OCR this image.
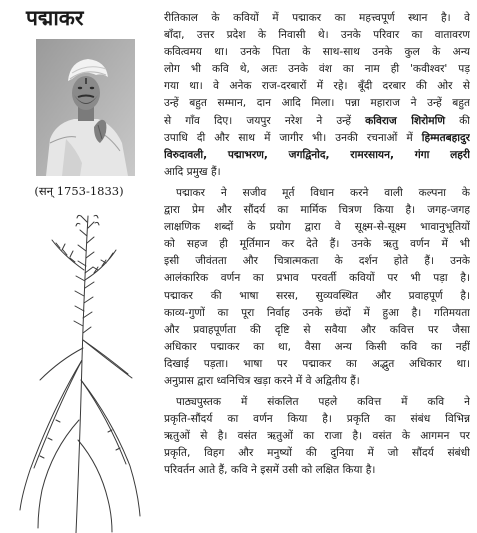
पद्माकर
(सन् 1753-1833)
रीतिकाल के कवियों में पद्माकर का महत्त्वपूर्ण स्थान है। वे
बाँदा, उत्तर प्रदेश के निवासी थे। उनके परिवार का वातावरण
कवित्वमय था। उनके पिता के साथ-साथ उनके कुल के अन्य
लोग भी कवि थे, अतः उनके वंश का नाम ही 'कवीश्वर' पड़
गया था। वे अनेक राज-दरबारों में रहे। बूँदी दरबार की ओर से
उन्हें बहुत सम्मान, दान आदि मिला। पन्ना महाराज ने उन्हें बहुत
से गाँव दिए। जयपुर नरेश ने उन्हें कविराज शिरोमणि की
उपाधि दी और साथ में जागीर भी। उनकी रचनाओं में हिम्मतबहादुर
विरुदावली, पद्माभरण, जगद्विनोद, रामरसायन, गंगा लहरी
आदि प्रमुख हैं।
पद्माकर ने सजीव मूर्त विधान करने वाली कल्पना के
द्वारा प्रेम और सौंदर्य का मार्मिक चित्रण किया है। जगह-जगह
लाक्षणिक शब्दों के प्रयोग द्वारा वे सूक्ष्म-से-सूक्ष्म भावानुभूतियों
को सहज ही मूर्तिमान कर देते हैं। उनके ऋतु वर्णन में भी
इसी जीवंतता और चित्रात्मकता के दर्शन होते हैं। उनके
आलंकारिक वर्णन का प्रभाव परवर्ती कवियों पर भी पड़ा है।
पद्माकर की भाषा सरस, सुव्यवस्थित और प्रवाहपूर्ण है।
काव्य-गुणों का पूरा निर्वाह उनके छंदों में हुआ है। गतिमयता
और प्रवाहपूर्णता की दृष्टि से सवैया और कवित्त पर जैसा
अधिकार पद्माकर का था, वैसा अन्य किसी कवि का नहीं
दिखाई पड़ता। भाषा पर पद्माकर का अद्भुत अधिकार था।
अनुप्रास द्वारा ध्वनिचित्र खड़ा करने में वे अद्वितीय हैं।
पाठ्यपुस्तक में संकलित पहले कवित्त में कवि ने
प्रकृति-सौंदर्य का वर्णन किया है। प्रकृति का संबंध विभिन्न
ऋतुओं से है। वसंत ऋतुओं का राजा है। वसंत के आगमन पर
प्रकृति, विहग और मनुष्यों की दुनिया में जो सौंदर्य संबंधी
परिवर्तन आते हैं, कवि ने इसमें उसी को लक्षित किया है।
